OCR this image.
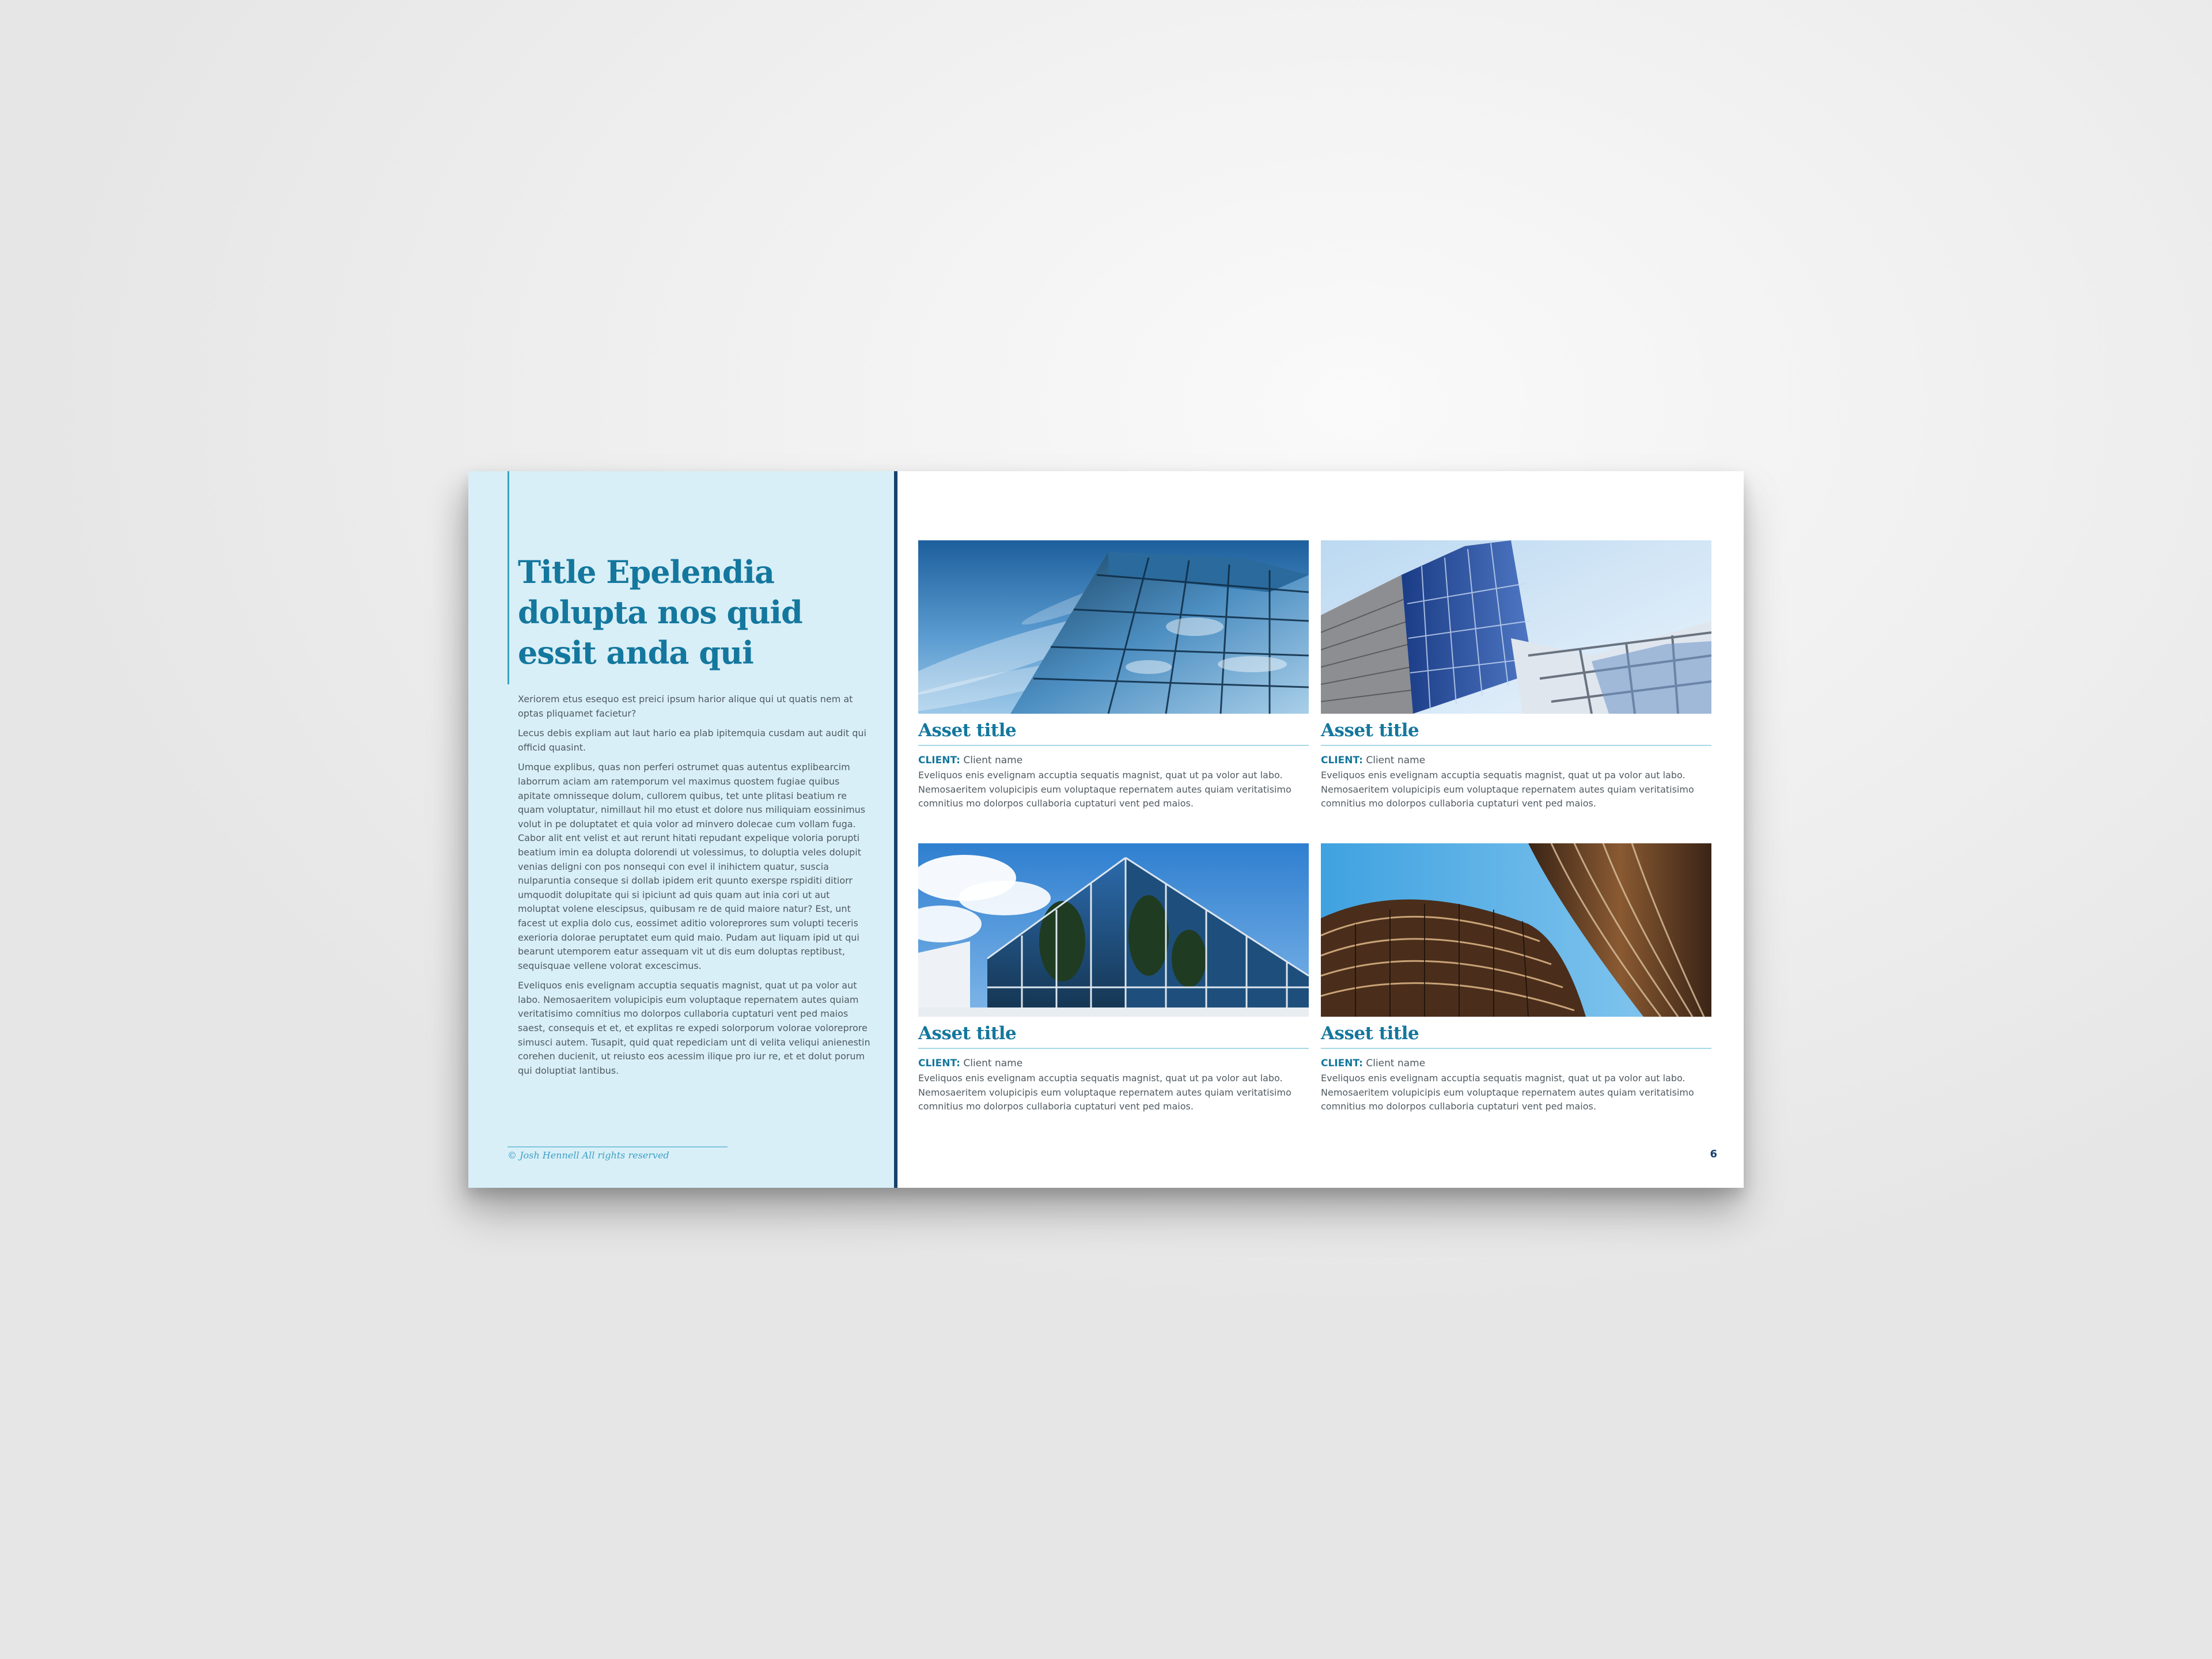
Title Epelendia dolupta nos quid essit anda qui

Xeriorem etus esequo est preici ipsum harior alique qui ut quatis nem at optas pliquamet facietur?

Lecus debis expliam aut laut hario ea plab ipitemquia cusdam aut audit qui officid quasint.

Umque explibus, quas non perferi ostrumet quas autentus explibearcim laborrum aciam am ratemporum vel maximus quostem fugiae quibus apitate omnisseque dolum, cullorem quibus, tet unte plitasi beatium re quam voluptatur, nimillaut hil mo etust et dolore nus miliquiam eossinimus volut in pe doluptatet et quia volor ad minvero dolecae cum vollam fuga. Cabor alit ent velist et aut rerunt hitati repudant expelique voloria porupti beatium imin ea dolupta dolorendi ut volessimus, to doluptia veles dolupit venias deligni con pos nonsequi con evel il inihictem quatur, suscia nulparuntia conseque si dollab ipidem erit quunto exerspe rspiditi ditiorr umquodit dolupitate qui si ipiciunt ad quis quam aut inia cori ut aut moluptat volene elescipsus, quibusam re de quid maiore natur? Est, unt facest ut explia dolo cus, eossimet aditio voloreprores sum volupti teceris exerioria dolorae peruptatet eum quid maio. Pudam aut liquam ipid ut qui bearunt utemporem eatur assequam vit ut dis eum doluptas reptibust, sequisquae vellene volorat excescimus.

Eveliquos enis evelignam accuptia sequatis magnist, quat ut pa volor aut labo. Nemosaeritem volupicipis eum voluptaque repernatem autes quiam veritatisimo comnitius mo dolorpos cullaboria cuptaturi vent ped maios saest, consequis et et, et explitas re expedi solorporum volorae voloreprore simusci autem. Tusapit, quid quat repediciam unt di velita veliqui anienestin corehen ducienit, ut reiusto eos acessim ilique pro iur re, et et dolut porum qui doluptiat lantibus.

© Josh Hennell All rights reserved
Asset title
CLIENT: Client name
Eveliquos enis evelignam accuptia sequatis magnist, quat ut pa volor aut labo. Nemosaeritem volupicipis eum voluptaque repernatem autes quiam veritatisimo comnitius mo dolorpos cullaboria cuptaturi vent ped maios.
Asset title
CLIENT: Client name
Eveliquos enis evelignam accuptia sequatis magnist, quat ut pa volor aut labo. Nemosaeritem volupicipis eum voluptaque repernatem autes quiam veritatisimo comnitius mo dolorpos cullaboria cuptaturi vent ped maios.
Asset title
CLIENT: Client name
Eveliquos enis evelignam accuptia sequatis magnist, quat ut pa volor aut labo. Nemosaeritem volupicipis eum voluptaque repernatem autes quiam veritatisimo comnitius mo dolorpos cullaboria cuptaturi vent ped maios.
Asset title
CLIENT: Client name
Eveliquos enis evelignam accuptia sequatis magnist, quat ut pa volor aut labo. Nemosaeritem volupicipis eum voluptaque repernatem autes quiam veritatisimo comnitius mo dolorpos cullaboria cuptaturi vent ped maios.
6
